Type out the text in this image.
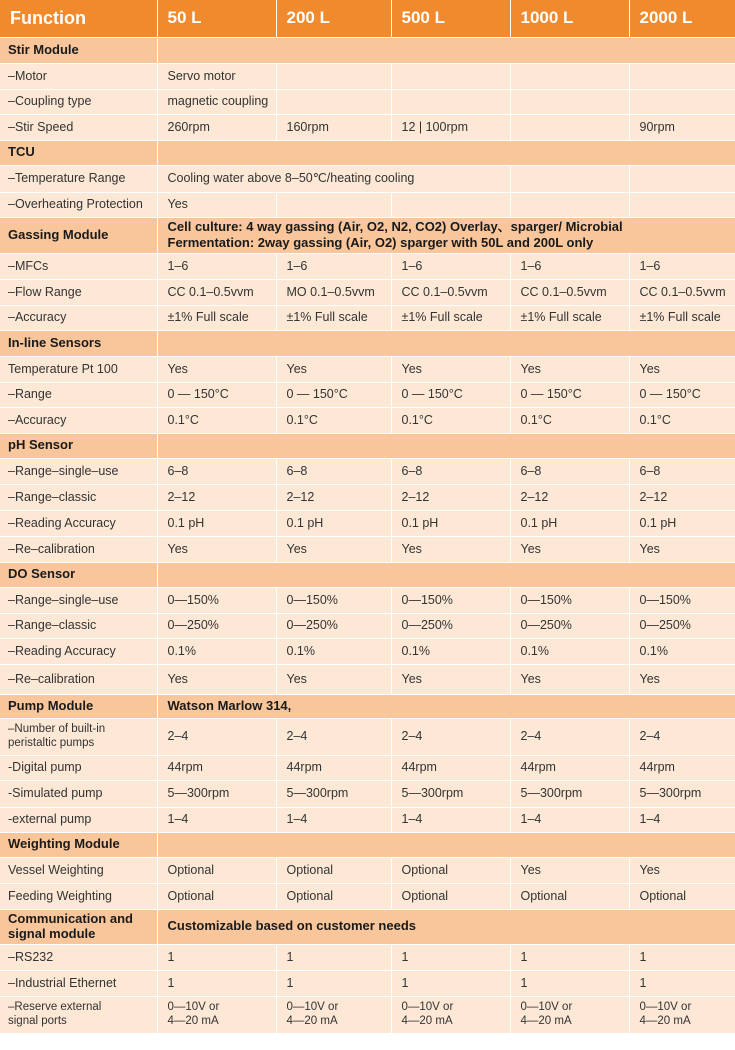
Function	50 L	200 L	500 L	1000 L	2000 L
Stir Module					
–Motor	Servo motor				
–Coupling type	magnetic coupling				
–Stir Speed	260rpm	160rpm	12 | 100rpm		90rpm
TCU					
–Temperature Range	Cooling water above 8–50℃/heating cooling				
–Overheating Protection	Yes				
Gassing Module	Cell culture: 4 way gassing (Air, O2, N2, CO2) Overlay、sparger/ Microbial
Fermentation: 2way gassing (Air, O2) sparger with 50L and 200L only				
–MFCs	1–6	1–6	1–6	1–6	1–6
–Flow Range	CC 0.1–0.5vvm	MO 0.1–0.5vvm	CC 0.1–0.5vvm	CC 0.1–0.5vvm	CC 0.1–0.5vvm
–Accuracy	±1% Full scale	±1% Full scale	±1% Full scale	±1% Full scale	±1% Full scale
In-line Sensors					
Temperature Pt 100	Yes	Yes	Yes	Yes	Yes
–Range	0 — 150°C	0 — 150°C	0 — 150°C	0 — 150°C	0 — 150°C
–Accuracy	0.1°C	0.1°C	0.1°C	0.1°C	0.1°C
pH Sensor					
–Range–single–use	6–8	6–8	6–8	6–8	6–8
–Range–classic	2–12	2–12	2–12	2–12	2–12
–Reading Accuracy	0.1 pH	0.1 pH	0.1 pH	0.1 pH	0.1 pH
–Re–calibration	Yes	Yes	Yes	Yes	Yes
DO Sensor					
–Range–single–use	0—150%	0—150%	0—150%	0—150%	0—150%
–Range–classic	0—250%	0—250%	0—250%	0—250%	0—250%
–Reading Accuracy	0.1%	0.1%	0.1%	0.1%	0.1%
–Re–calibration	Yes	Yes	Yes	Yes	Yes
Pump Module	Watson Marlow 314,				
–Number of built-in
peristaltic pumps	2–4	2–4	2–4	2–4	2–4
-Digital pump	44rpm	44rpm	44rpm	44rpm	44rpm
-Simulated pump	5—300rpm	5—300rpm	5—300rpm	5—300rpm	5—300rpm
-external pump	1–4	1–4	1–4	1–4	1–4
Weighting Module					
Vessel Weighting	Optional	Optional	Optional	Yes	Yes
Feeding Weighting	Optional	Optional	Optional	Optional	Optional
Communication and
signal module	Customizable based on customer needs				
–RS232	1	1	1	1	1
–Industrial Ethernet	1	1	1	1	1
–Reserve external
signal ports	0—10V or
4—20 mA	0—10V or
4—20 mA	0—10V or
4—20 mA	0—10V or
4—20 mA	0—10V or
4—20 mA
